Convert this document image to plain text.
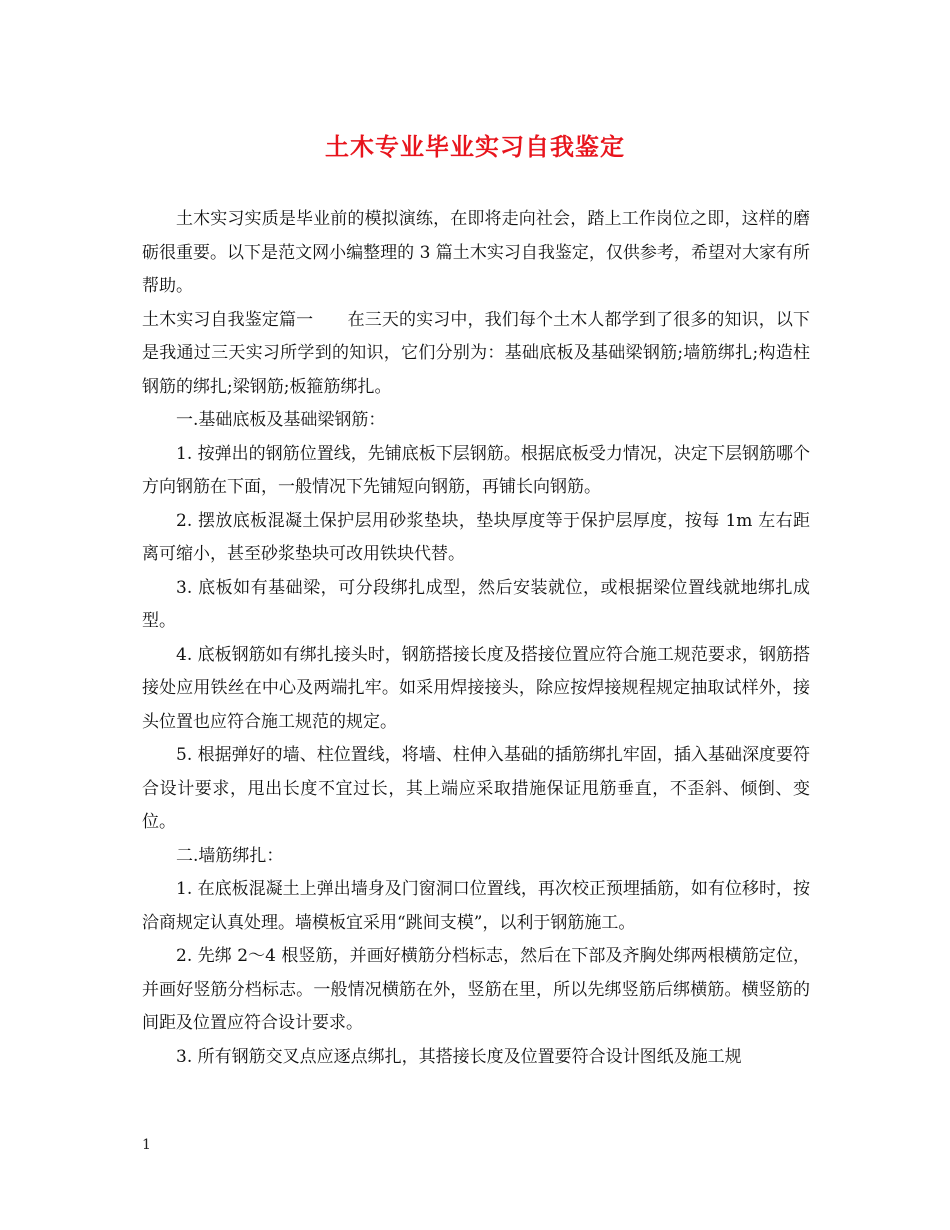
土木专业毕业实习自我鉴定

土木实习实质是毕业前的模拟演练，在即将走向社会，踏上工作岗位之即，这样的磨砺很重要。以下是范文网小编整理的 3 篇土木实习自我鉴定，仅供参考，希望对大家有所帮助。

土木实习自我鉴定篇一　　在三天的实习中，我们每个土木人都学到了很多的知识，以下是我通过三天实习所学到的知识，它们分别为：基础底板及基础梁钢筋;墙筋绑扎;构造柱钢筋的绑扎;梁钢筋;板箍筋绑扎。

一.基础底板及基础梁钢筋：

1. 按弹出的钢筋位置线，先铺底板下层钢筋。根据底板受力情况，决定下层钢筋哪个方向钢筋在下面，一般情况下先铺短向钢筋，再铺长向钢筋。

2. 摆放底板混凝土保护层用砂浆垫块，垫块厚度等于保护层厚度，按每 1m 左右距离可缩小，甚至砂浆垫块可改用铁块代替。

3. 底板如有基础梁，可分段绑扎成型，然后安装就位，或根据梁位置线就地绑扎成型。

4. 底板钢筋如有绑扎接头时，钢筋搭接长度及搭接位置应符合施工规范要求，钢筋搭接处应用铁丝在中心及两端扎牢。如采用焊接接头，除应按焊接规程规定抽取试样外，接头位置也应符合施工规范的规定。

5. 根据弹好的墙、柱位置线，将墙、柱伸入基础的插筋绑扎牢固，插入基础深度要符合设计要求，甩出长度不宜过长，其上端应采取措施保证甩筋垂直，不歪斜、倾倒、变位。

二.墙筋绑扎：

1. 在底板混凝土上弹出墙身及门窗洞口位置线，再次校正预埋插筋，如有位移时，按洽商规定认真处理。墙模板宜采用“跳间支模”，以利于钢筋施工。

2. 先绑 2～4 根竖筋，并画好横筋分档标志，然后在下部及齐胸处绑两根横筋定位，并画好竖筋分档标志。一般情况横筋在外，竖筋在里，所以先绑竖筋后绑横筋。横竖筋的间距及位置应符合设计要求。

3. 所有钢筋交叉点应逐点绑扎，其搭接长度及位置要符合设计图纸及施工规

1
